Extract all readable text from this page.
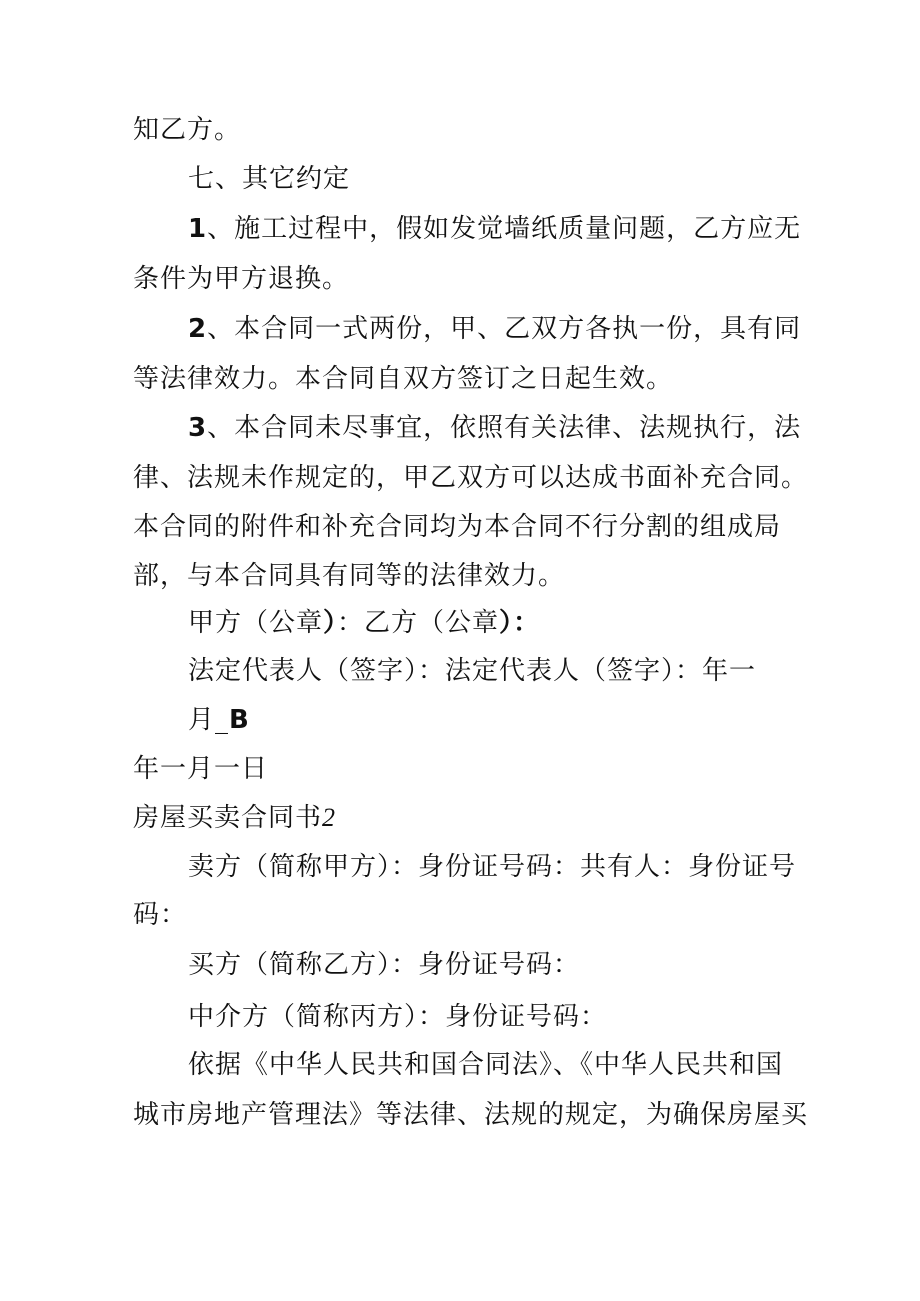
知乙方。
七、其它约定
1、施工过程中，假如发觉墙纸质量问题，乙方应无
条件为甲方退换。
2、本合同一式两份，甲、乙双方各执一份，具有同
等法律效力。本合同自双方签订之日起生效。
3、本合同未尽事宜，依照有关法律、法规执行，法
律、法规未作规定的，甲乙双方可以达成书面补充合同。
本合同的附件和补充合同均为本合同不行分割的组成局
部，与本合同具有同等的法律效力。
甲方（公章）：乙方（公章）：
法定代表人（签字）：法定代表人（签字）：年一
月_B
年一月一日
房屋买卖合同书2
卖方（简称甲方）：身份证号码：共有人：身份证号
码：
买方（简称乙方）：身份证号码：
中介方（简称丙方）：身份证号码：
依据《中华人民共和国合同法》、《中华人民共和国
城市房地产管理法》等法律、法规的规定，为确保房屋买
